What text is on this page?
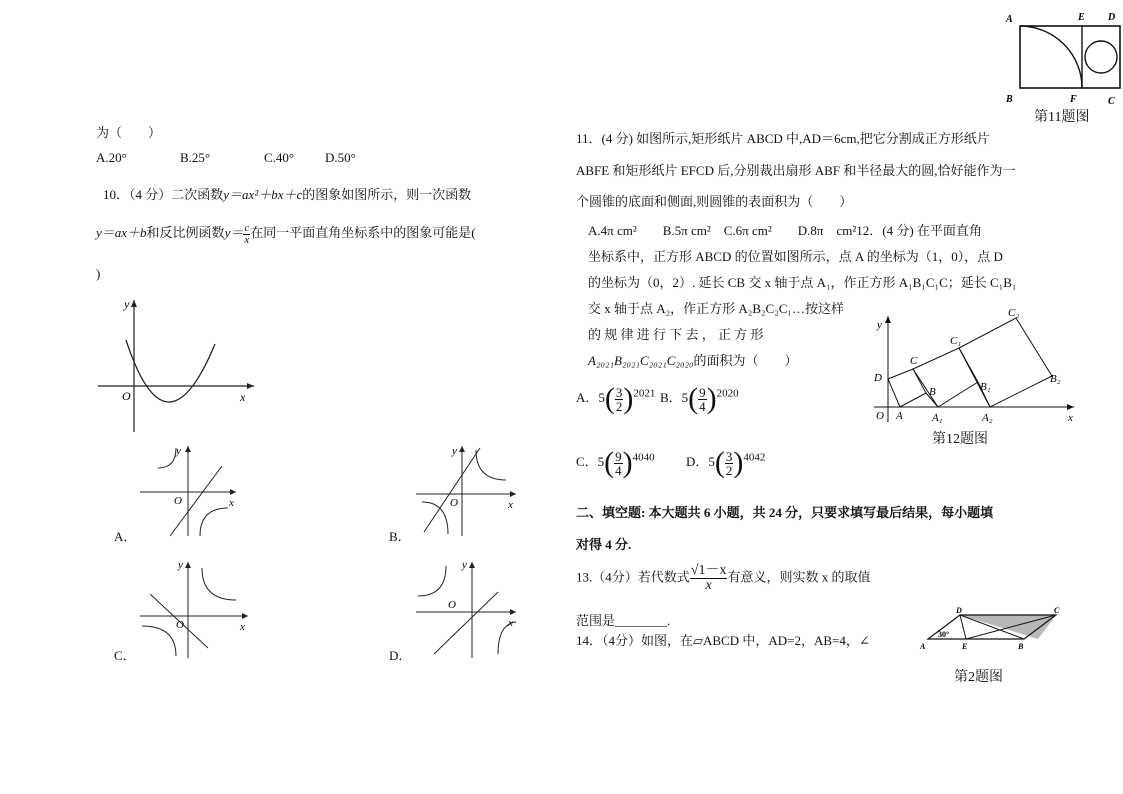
为（　　）
A.20°	B.25°	C.40° D.50°
10．（4 分）二次函数y＝ax²＋bx＋c的图象如图所示，则一次函数
y＝ax＋b和反比例函数$y= \frac{c}{x}$ 在同一平面直角坐标系中的图象可能是(
)
O	x
y
O	x
y
A．
O	x
y
B．
O	x
y
C．
O
x
y
D．
A	E D
B	F	C
第11题图
11．(4 分) 如图所示,矩形纸片 ABCD 中,AD＝6cm,把它分割成正方形纸片
ABFE 和矩形纸片 EFCD 后,分别裁出扇形 ABF 和半径最大的圆,恰好能作为一
个圆锥的底面和侧面,则圆锥的表面积为（　　）
A.4π cm²　　B.5π cm²　C.6π cm²　　D.8π　cm²12．(4 分) 在平面直角
坐标系中，正方形 ABCD 的位置如图所示，点 A 的坐标为（1，0），点 D
的坐标为（0，2）. 延长 CB 交 x 轴于点 A₁，作正方形 A₁B₁C₁C；延长 C₁B₁
交 x 轴于点 A₂，作正方形 A₂B₂C₂C₁…按这样
的 规 律 进 行 下 去 ， 正 方 形
A₂₀₂₁B₂₀₂₁C₂₀₂₁C₂₀₂₀的面积为（　　）
A．$5( \frac{3}{2} )^{2021}$ B．$5( \frac{9}{4} )^{2020}$
C．$5( \frac{9}{4} )^{4040}$ D．$5( \frac{3}{2} )^{4042}$
y
x
O A	A₁	A₂
D
C
B
C₁
B₁
C₂
B₂
第12题图
二、填空题: 本大题共 6 小题，共 24 分，只要求填写最后结果，每小题填
对得 4 分.
13.（4分）若代数式 $\frac{√1-x}{x}$ 有意义，则实数 x 的取值
范围是________.
14．（4分）如图，在▱ABCD 中，AD=2，AB=4，∠	30°
A	E	B
D	C
第2题图
